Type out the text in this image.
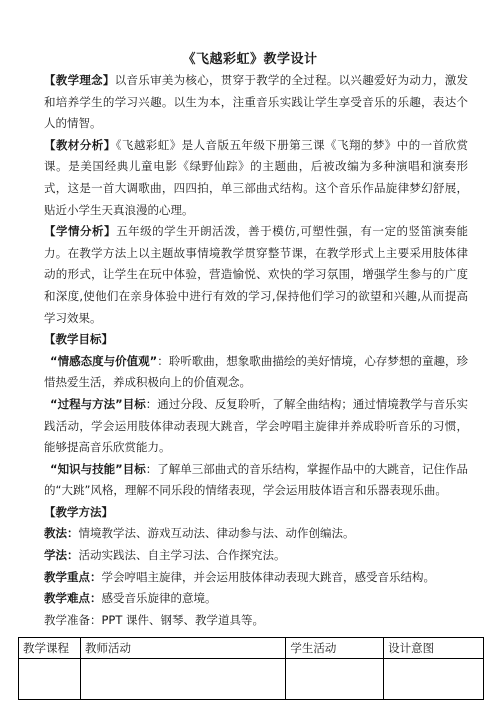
《飞越彩虹》教学设计

【教学理念】以音乐审美为核心，贯穿于教学的全过程。以兴趣爱好为动力，激发和培养学生的学习兴趣。以生为本，注重音乐实践让学生享受音乐的乐趣，表达个人的情智。

【教材分析】《飞越彩虹》是人音版五年级下册第三课《飞翔的梦》中的一首欣赏课。是美国经典儿童电影《绿野仙踪》的主题曲，后被改编为多种演唱和演奏形式，这是一首大调歌曲，四四拍，单三部曲式结构。这个音乐作品旋律梦幻舒展，贴近小学生天真浪漫的心理。

【学情分析】五年级的学生开朗活泼，善于模仿,可塑性强，有一定的竖笛演奏能力。在教学方法上以主题故事情境教学贯穿整节课，在教学形式上主要采用肢体律动的形式，让学生在玩中体验，营造愉悦、欢快的学习氛围，增强学生参与的广度和深度,使他们在亲身体验中进行有效的学习,保持他们学习的欲望和兴趣,从而提高学习效果。

【教学目标】

“情感态度与价值观”：聆听歌曲，想象歌曲描绘的美好情境，心存梦想的童趣，珍惜热爱生活，养成积极向上的价值观念。

“过程与方法”目标：通过分段、反复聆听，了解全曲结构；通过情境教学与音乐实践活动，学会运用肢体律动表现大跳音，学会哼唱主旋律并养成聆听音乐的习惯，能够提高音乐欣赏能力。

“知识与技能”目标：了解单三部曲式的音乐结构，掌握作品中的大跳音，记住作品的“大跳”风格，理解不同乐段的情绪表现，学会运用肢体语言和乐器表现乐曲。

【教学方法】

教法：情境教学法、游戏互动法、律动参与法、动作创编法。

学法：活动实践法、自主学习法、合作探究法。

教学重点：学会哼唱主旋律，并会运用肢体律动表现大跳音，感受音乐结构。

教学难点：感受音乐旋律的意境。

教学准备：PPT 课件、钢琴、教学道具等。

教学课程	教师活动	学生活动	设计意图
